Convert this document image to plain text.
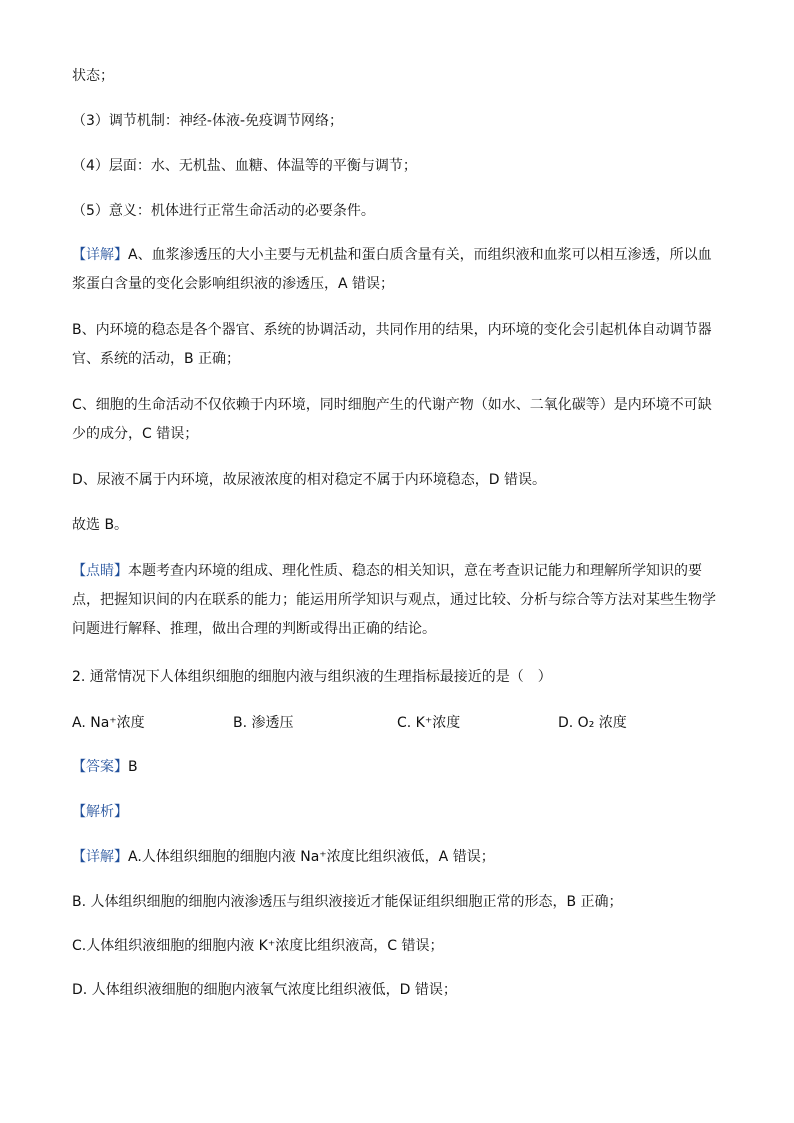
状态；
（3）调节机制：神经-体液-免疫调节网络；
（4）层面：水、无机盐、血糖、体温等的平衡与调节；
（5）意义：机体进行正常生命活动的必要条件。
【详解】A、血浆渗透压的大小主要与无机盐和蛋白质含量有关，而组织液和血浆可以相互渗透，所以血浆蛋白含量的变化会影响组织液的渗透压，A 错误；
B、内环境的稳态是各个器官、系统的协调活动，共同作用的结果，内环境的变化会引起机体自动调节器官、系统的活动，B 正确；
C、细胞的生命活动不仅依赖于内环境，同时细胞产生的代谢产物（如水、二氧化碳等）是内环境不可缺少的成分，C 错误；
D、尿液不属于内环境，故尿液浓度的相对稳定不属于内环境稳态，D 错误。
故选 B。
【点睛】本题考查内环境的组成、理化性质、稳态的相关知识，意在考查识记能力和理解所学知识的要点，把握知识间的内在联系的能力；能运用所学知识与观点，通过比较、分析与综合等方法对某些生物学问题进行解释、推理，做出合理的判断或得出正确的结论。
2. 通常情况下人体组织细胞的细胞内液与组织液的生理指标最接近的是（　）
A. Na⁺浓度	B. 渗透压	C. K⁺浓度	D. O₂ 浓度
【答案】B
【解析】
【详解】A.人体组织细胞的细胞内液 Na⁺浓度比组织液低，A 错误；
B. 人体组织细胞的细胞内液渗透压与组织液接近才能保证组织细胞正常的形态，B 正确；
C.人体组织液细胞的细胞内液 K⁺浓度比组织液高，C 错误；
D. 人体组织液细胞的细胞内液氧气浓度比组织液低，D 错误；
